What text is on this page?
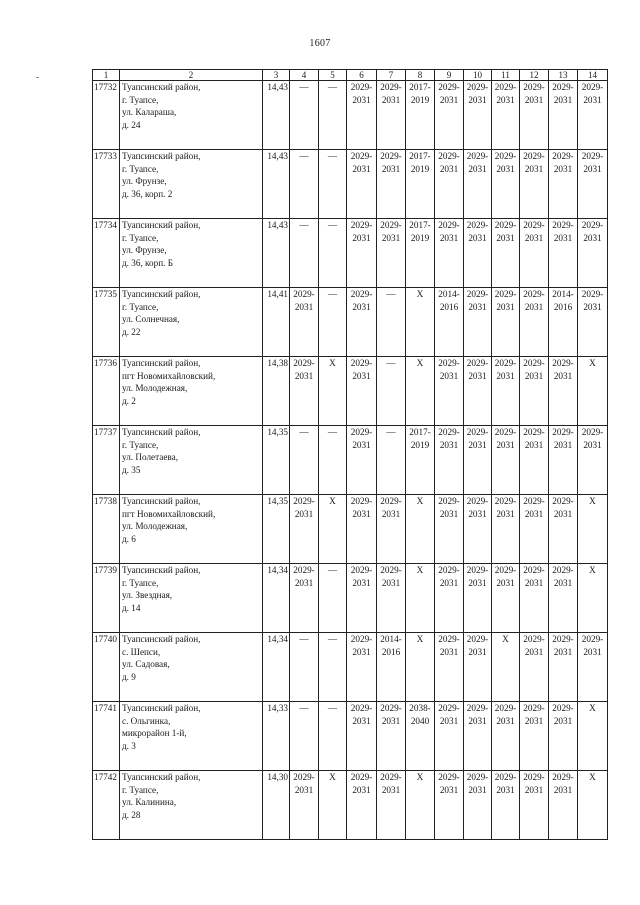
1607
1	2	3	4	5	6	7	8	9	10	11	12	13	14
17732	Туапсинский район,
г. Туапсе,
ул. Калараша,
д. 24	14,43	—	—	2029-
2031	2029-
2031	2017-
2019	2029-
2031	2029-
2031	2029-
2031	2029-
2031	2029-
2031	2029-
2031

17733	Туапсинский район,
г. Туапсе,
ул. Фрунзе,
д. 36, корп. 2	14,43	—	—	2029-
2031	2029-
2031	2017-
2019	2029-
2031	2029-
2031	2029-
2031	2029-
2031	2029-
2031	2029-
2031

17734	Туапсинский район,
г. Туапсе,
ул. Фрунзе,
д. 36, корп. Б	14,43	—	—	2029-
2031	2029-
2031	2017-
2019	2029-
2031	2029-
2031	2029-
2031	2029-
2031	2029-
2031	2029-
2031

17735	Туапсинский район,
г. Туапсе,
ул. Солнечная,
д. 22	14,41	2029-
2031	—	2029-
2031	—	Х	2014-
2016	2029-
2031	2029-
2031	2029-
2031	2014-
2016	2029-
2031

17736	Туапсинский район,
пгт Новомихайловский,
ул. Молодежная,
д. 2	14,38	2029-
2031	Х	2029-
2031	—	Х	2029-
2031	2029-
2031	2029-
2031	2029-
2031	2029-
2031	Х
17737	Туапсинский район,
г. Туапсе,
ул. Полетаева,
д. 35	14,35	—	—	2029-
2031	—	2017-
2019	2029-
2031	2029-
2031	2029-
2031	2029-
2031	2029-
2031	2029-
2031

17738	Туапсинский район,
пгт Новомихайловский,
ул. Молодежная,
д. 6	14,35	2029-
2031	Х	2029-
2031	2029-
2031	Х	2029-
2031	2029-
2031	2029-
2031	2029-
2031	2029-
2031	Х
17739	Туапсинский район,
г. Туапсе,
ул. Звездная,
д. 14	14,34	2029-
2031	—	2029-
2031	2029-
2031	Х	2029-
2031	2029-
2031	2029-
2031	2029-
2031	2029-
2031	Х
17740	Туапсинский район,
с. Шепси,
ул. Садовая,
д. 9	14,34	—	—	2029-
2031	2014-
2016	Х	2029-
2031	2029-
2031	Х	2029-
2031	2029-
2031	2029-
2031

17741	Туапсинский район,
с. Ольгинка,
микрорайон 1-й,
д. 3	14,33	—	—	2029-
2031	2029-
2031	2038-
2040	2029-
2031	2029-
2031	2029-
2031	2029-
2031	2029-
2031	Х
17742	Туапсинский район,
г. Туапсе,
ул. Калинина,
д. 28	14,30	2029-
2031	Х	2029-
2031	2029-
2031	Х	2029-
2031	2029-
2031	2029-
2031	2029-
2031	2029-
2031	Х
